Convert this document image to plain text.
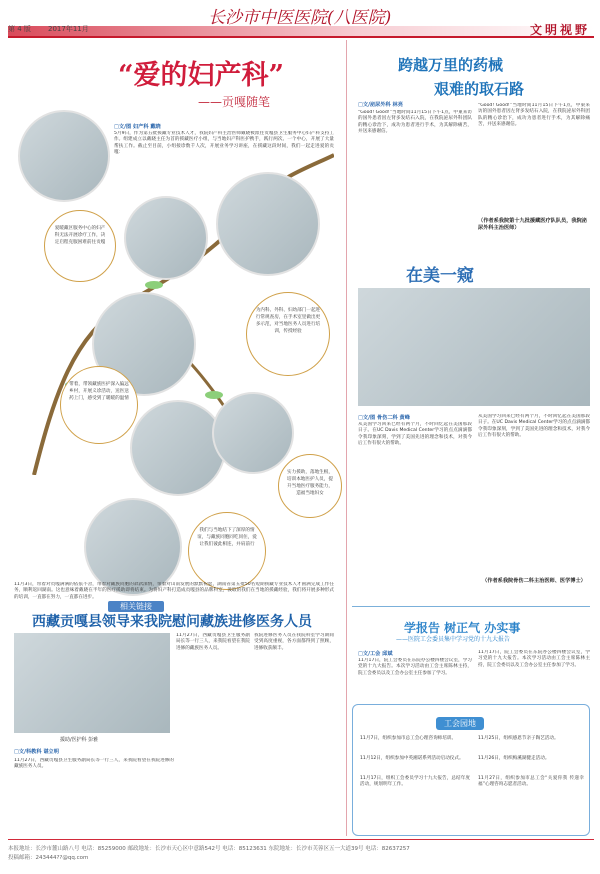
第 4 版 2017年11月
长沙市中医医院(八医院)
文明视野
“爱的妇产科”
——贡嘎随笔
□文/图 妇产科 戴晓
5月9日，作为第五批援藏专业技术人才，我院妇产科主治医师戴晓被派往贡嘎县卫生服务中心妇产科支持工作。组建成立以戴晓主任为首的援藏医疗小组，与当地妇产科医护携手，践行两次、一个中心，开展了大量帮扶工作。截止至目前，小组接诊数千人次，开展业务学习讲座，在援藏这段时间，我们一起走进爱的贡嘎：
爱暖藏区服务中心的妇产科无法开展诊疗工作，决定启程克服困难前往贡嘎
为内科、外科、妇幼部门一起进行常规查房，在手术室里做出更多示范，对当地医务人员进行培训，传授经验
带着，带领藏族医护深入偏远乡村，开展义诊活动，送医送药上门，感受到了暖暖的温情
实力援助，落地生根，培训本地医护人员，提升当地医疗服务能力，造福当地妇女
我们与当地结下了深厚的情谊，与藏族同胞同吃同住，爱让我们彼此相连，并肩前行
11月3日，带着对贡嘎满满的依依不舍，带着对藏族同胞的款款深情，带着对山南发展的默默祝愿，湖南省第五批50名短期援藏专业技术人才圆满完成工作任务，顺利返回湖南。这也意味着戴晓在半年的医疗援助即将结束。为将妇产科打造成贡嘎县的品牌科室，汲取的我们在当地的援藏经验，我们将开展多种形式的培训，一直都在努力，一直都在进步。
相关链接
西藏贡嘎县领导来我院慰问藏族进修医务人员
援助/医护科 彭雅
11月27日，西藏贡嘎县卫生服务副局长等一行三人，来我院看望在我院进修的藏族医务人员。
我院进修医务人员在我院科室学习期间受到高度重视，各方面都得到了照顾，进修收获颇丰。
□文/科教科 谌立明
11月27日，西藏贡嘎县卫生服务副局长等一行三人，来我院看望在我院进修的藏族医务人员。
跨越万里的药械
艰难的取石路
□文/泌尿外科 林亮
“Good! Good!”当地时间11月15日下午1点，中東来访的国外患者因左肾多发结石入院，在我院泌尿外科团队的精心诊治下，成功为患者进行手术，为其解除痛苦，并送来感谢信。
“Good! Good!”当地时间11月15日下午1点，中東来访的国外患者因左肾多发结石入院，在我院泌尿外科团队的精心诊治下，成功为患者进行手术，为其解除痛苦，并送来感谢信。
（作者系我院第十九批援藏医疗队队员，我院泌尿外科主治医师）
在美一窥
□文/图 骨伤二科 黄峰
从美国学习回来已经有两个月，不时回忆起在美国那段日子。在UC Davis Medical Center学习的点点滴滴都令我印象深刻，学到了美国先进的理念和技术，对我今后工作有很大的帮助。
从美国学习回来已经有两个月，不时回忆起在美国那段日子。在UC Davis Medical Center学习的点点滴滴都令我印象深刻，学到了美国先进的理念和技术，对我今后工作有很大的帮助。
（作者系我院骨伤二科主治医师、医学博士）
学报告 树正气 办实事
——医院工会委员集中学习党的十九大报告
□文/工会 邱斌
11月17日，院工会委员在东院办公楼四楼会议室，学习党的十九大报告。本次学习活动由工会主席陈林主持，院工会委员以及工会办公室主任参加了学习。
11月17日，院工会委员在东院办公楼四楼会议室，学习党的十九大报告。本次学习活动由工会主席陈林主持，院工会委员以及工会办公室主任参加了学习。
工会园地
11月7日，组织参加市总工会心理咨询师培训。
11月12日，组织参加中英湘诺系列活动启动仪式。
11月17日，组织工会委员学习十九大报告，总结年度活动，规划明年工作。
11月25日，组织感恩节亲子陶艺活动。
11月26日，组织梅溪湖健走活动。
11月27日，组织参加市总工会“关爱你我 传递幸福”心理咨询志愿者活动。
本报地址：长沙市麓山路八号 电话：85259000 邮政地址：长沙市天心区中意路542号 电话：85123631 东院地址：长沙市芙蓉区五一大道39号 电话：82637257
投稿邮箱：243444??@qq.com
